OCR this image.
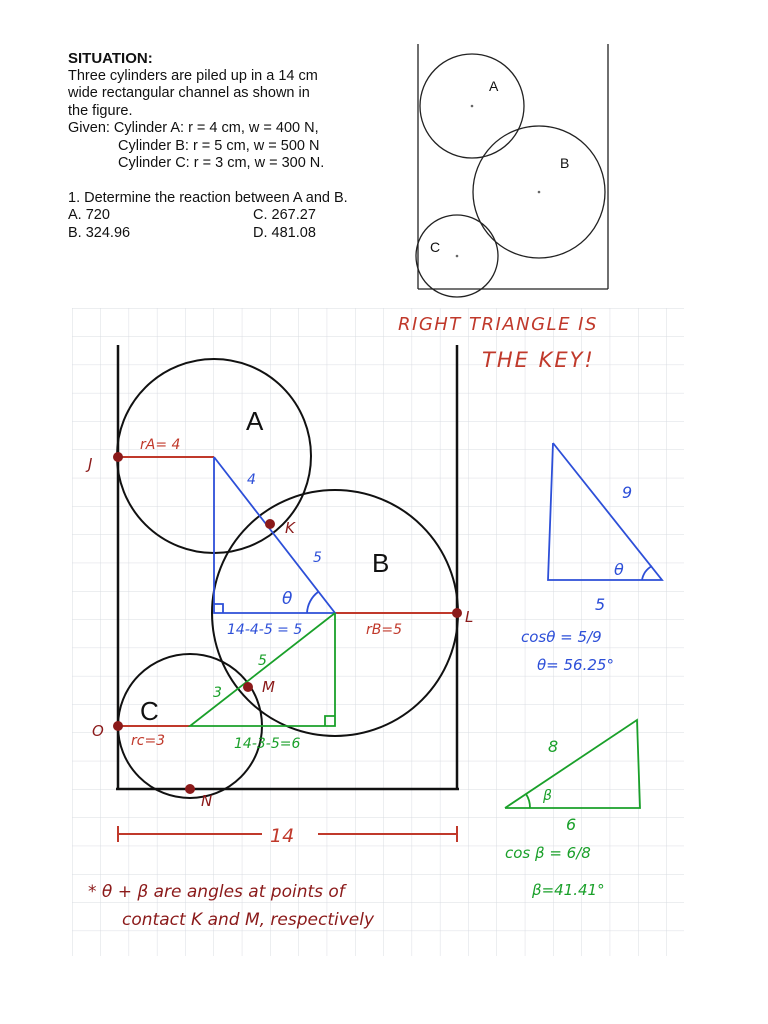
SITUATION:
Three cylinders are piled up in a 14 cm
wide rectangular channel as shown in
the figure.
Given: Cylinder A: r = 4 cm, w = 400 N,
Cylinder B: r = 5 cm, w = 500 N
Cylinder C: r = 3 cm, w = 300 N.
1. Determine the reaction between A and B.
A. 720	C. 267.27
B. 324.96	D. 481.08
A
B
C
A
B
C
J
K
L
M
N
O
rA= 4
rB=5
rc=3
14
4
5
θ
14-4-5 = 5
5
3
14-3-5=6
RIGHT TRIANGLE IS
THE KEY!
9
5
θ
cosθ = 5/9
θ= 56.25°
8
6
β
cos β = 6/8
β=41.41°
* θ + β are angles at points of
contact K and M, respectively
